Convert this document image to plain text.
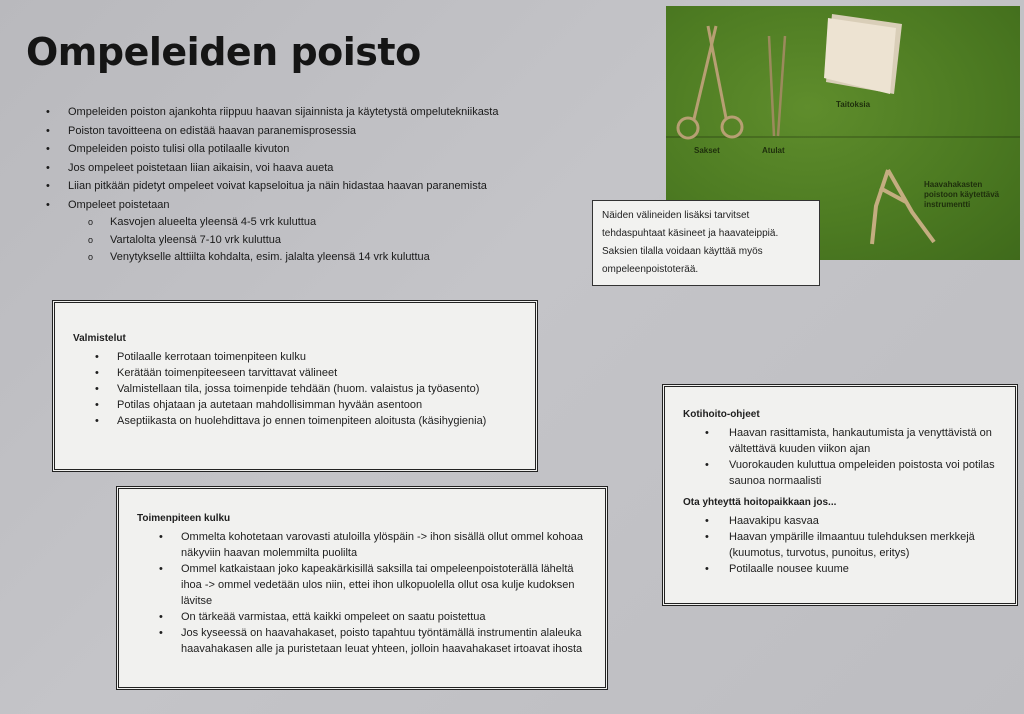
Ompeleiden poisto
• Ompeleiden poiston ajankohta riippuu haavan sijainnista ja käytetystä ompelutekniikasta
• Poiston tavoitteena on edistää haavan paranemisprosessia
• Ompeleiden poisto tulisi olla potilaalle kivuton
• Jos ompeleet poistetaan liian aikaisin, voi haava aueta
• Liian pitkään pidetyt ompeleet voivat kapseloitua ja näin hidastaa haavan paranemista
• Ompeleet poistetaan
o Kasvojen alueelta yleensä 4-5 vrk kuluttua
o Vartalolta yleensä 7-10 vrk kuluttua
o Venytykselle alttiilta kohdalta, esim. jalalta yleensä 14 vrk kuluttua
Sakset	Atulat
Taitoksia
Haavahakasten poistoon käytettävä instrumentti
Näiden välineiden lisäksi tarvitset tehdaspuhtaat käsineet ja haavateippiä. Saksien tilalla voidaan käyttää myös ompeleenpoistoterää.
Valmistelut
• Potilaalle kerrotaan toimenpiteen kulku
• Kerätään toimenpiteeseen tarvittavat välineet
• Valmistellaan tila, jossa toimenpide tehdään (huom. valaistus ja työasento)
• Potilas ohjataan ja autetaan mahdollisimman hyvään asentoon
• Aseptiikasta on huolehdittava jo ennen toimenpiteen aloitusta (käsihygienia)
Toimenpiteen kulku
• Ommelta kohotetaan varovasti atuloilla ylöspäin -> ihon sisällä ollut ommel kohoaa näkyviin haavan molemmilta puolilta
• Ommel katkaistaan joko kapeakärkisillä saksilla tai ompeleenpoistoterällä läheltä ihoa -> ommel vedetään ulos niin, ettei ihon ulkopuolella ollut osa kulje kudoksen lävitse
• On tärkeää varmistaa, että kaikki ompeleet on saatu poistettua
• Jos kyseessä on haavahakaset, poisto tapahtuu työntämällä instrumentin alaleuka haavahakasen alle ja puristetaan leuat yhteen, jolloin haavahakaset irtoavat ihosta
Kotihoito-ohjeet
• Haavan rasittamista, hankautumista ja venyttävistä on vältettävä kuuden viikon ajan
• Vuorokauden kuluttua ompeleiden poistosta voi potilas saunoa normaalisti
Ota yhteyttä hoitopaikkaan jos...
• Haavakipu kasvaa
• Haavan ympärille ilmaantuu tulehduksen merkkejä (kuumotus, turvotus, punoitus, eritys)
• Potilaalle nousee kuume
